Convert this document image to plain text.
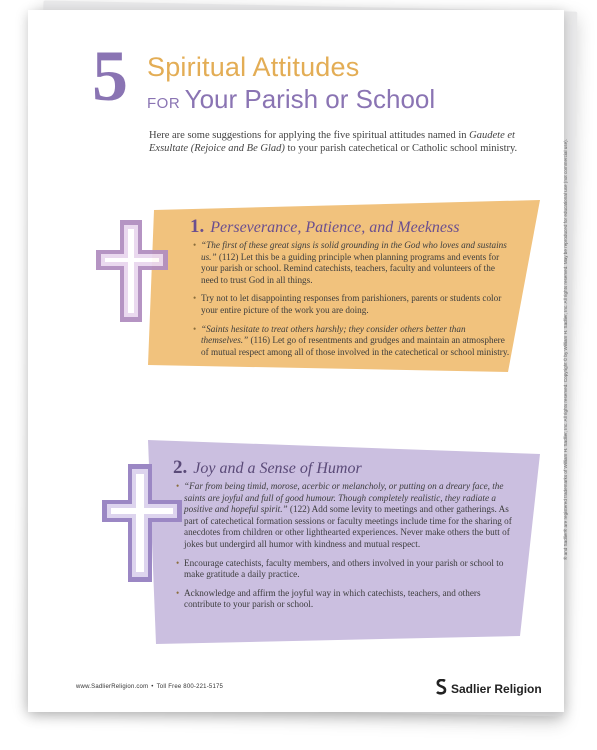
5 Spiritual Attitudes
FOR Your Parish or School
Here are some suggestions for applying the five spiritual attitudes named in Gaudete et Exsultate (Rejoice and Be Glad) to your parish catechetical or Catholic school ministry.
1. Perseverance, Patience, and Meekness
• “The first of these great signs is solid grounding in the God who loves and sustains us.” (112) Let this be a guiding principle when planning programs and events for your parish or school. Remind catechists, teachers, faculty and volunteers of the need to trust God in all things.
• Try not to let disappointing responses from parishioners, parents or students color your entire picture of the work you are doing.
• “Saints hesitate to treat others harshly; they consider others better than themselves.” (116) Let go of resentments and grudges and maintain an atmosphere of mutual respect among all of those involved in the catechetical or school ministry.
2. Joy and a Sense of Humor
• “Far from being timid, morose, acerbic or melancholy, or putting on a dreary face, the saints are joyful and full of good humour. Though completely realistic, they radiate a positive and hopeful spirit.” (122) Add some levity to meetings and other gatherings. As part of catechetical formation sessions or faculty meetings include time for the sharing of anecdotes from children or other lighthearted experiences. Never make others the butt of jokes but undergird all humor with kindness and mutual respect.
• Encourage catechists, faculty members, and others involved in your parish or school to make gratitude a daily practice.
• Acknowledge and affirm the joyful way in which catechists, teachers, and others contribute to your parish or school.
www.SadlierReligion.com • Toll Free 800-221-5175	Sadlier Religion
® and Sadlier® are registered trademarks of William H. Sadlier, Inc. All rights reserved. Copyright © by William H. Sadlier, Inc. All rights reserved. May be reproduced for educational use (not commercial use).
